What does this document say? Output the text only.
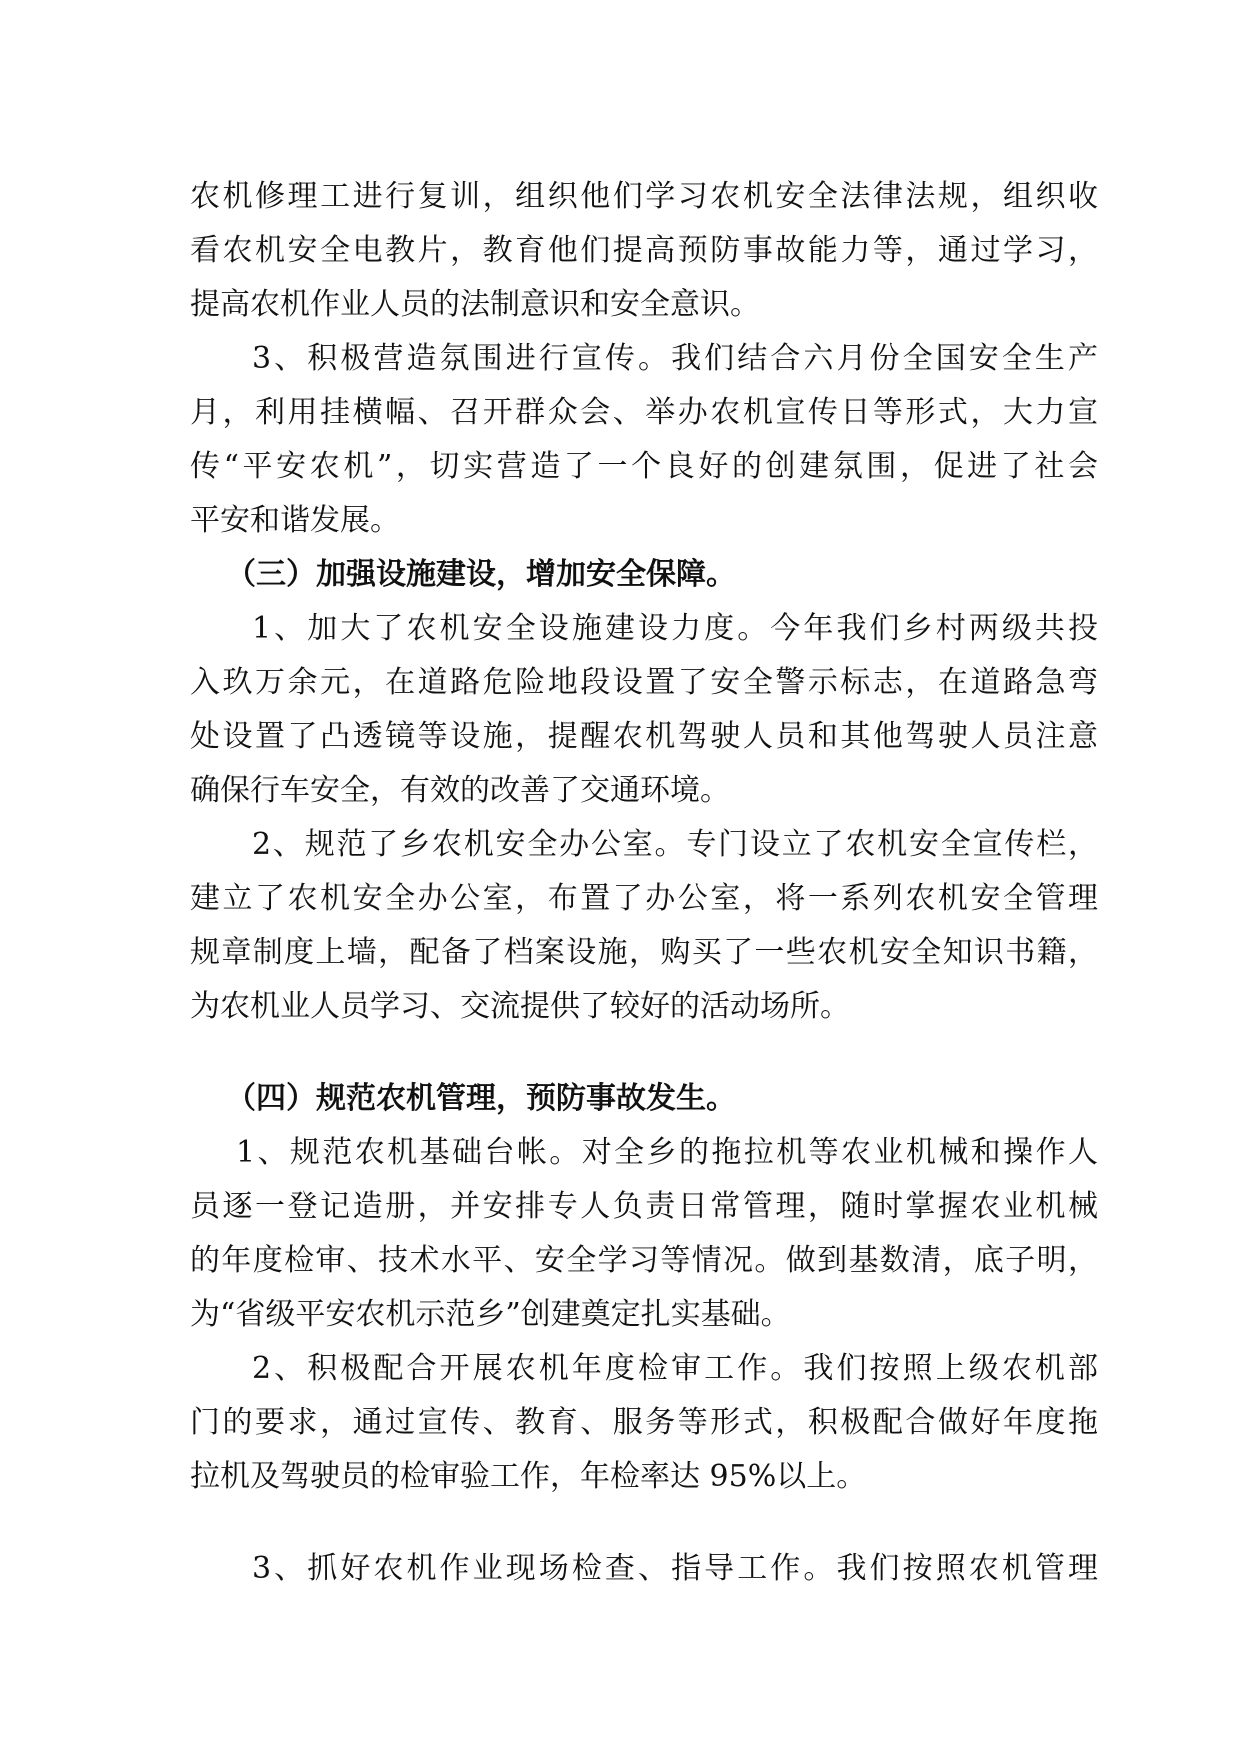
农机修理工进行复训，组织他们学习农机安全法律法规，组织收
看农机安全电教片，教育他们提高预防事故能力等，通过学习，
提高农机作业人员的法制意识和安全意识。
3、积极营造氛围进行宣传。我们结合六月份全国安全生产
月，利用挂横幅、召开群众会、举办农机宣传日等形式，大力宣
传“平安农机”，切实营造了一个良好的创建氛围，促进了社会
平安和谐发展。
（三）加强设施建设，增加安全保障。
1、加大了农机安全设施建设力度。今年我们乡村两级共投
入玖万余元，在道路危险地段设置了安全警示标志，在道路急弯
处设置了凸透镜等设施，提醒农机驾驶人员和其他驾驶人员注意
确保行车安全，有效的改善了交通环境。
2、规范了乡农机安全办公室。专门设立了农机安全宣传栏，
建立了农机安全办公室，布置了办公室，将一系列农机安全管理
规章制度上墙，配备了档案设施，购买了一些农机安全知识书籍，
为农机业人员学习、交流提供了较好的活动场所。
（四）规范农机管理，预防事故发生。
1、规范农机基础台帐。对全乡的拖拉机等农业机械和操作人
员逐一登记造册，并安排专人负责日常管理，随时掌握农业机械
的年度检审、技术水平、安全学习等情况。做到基数清，底子明，
为“省级平安农机示范乡”创建奠定扎实基础。
2、积极配合开展农机年度检审工作。我们按照上级农机部
门的要求，通过宣传、教育、服务等形式，积极配合做好年度拖
拉机及驾驶员的检审验工作，年检率达 95%以上。
3、抓好农机作业现场检查、指导工作。我们按照农机管理
